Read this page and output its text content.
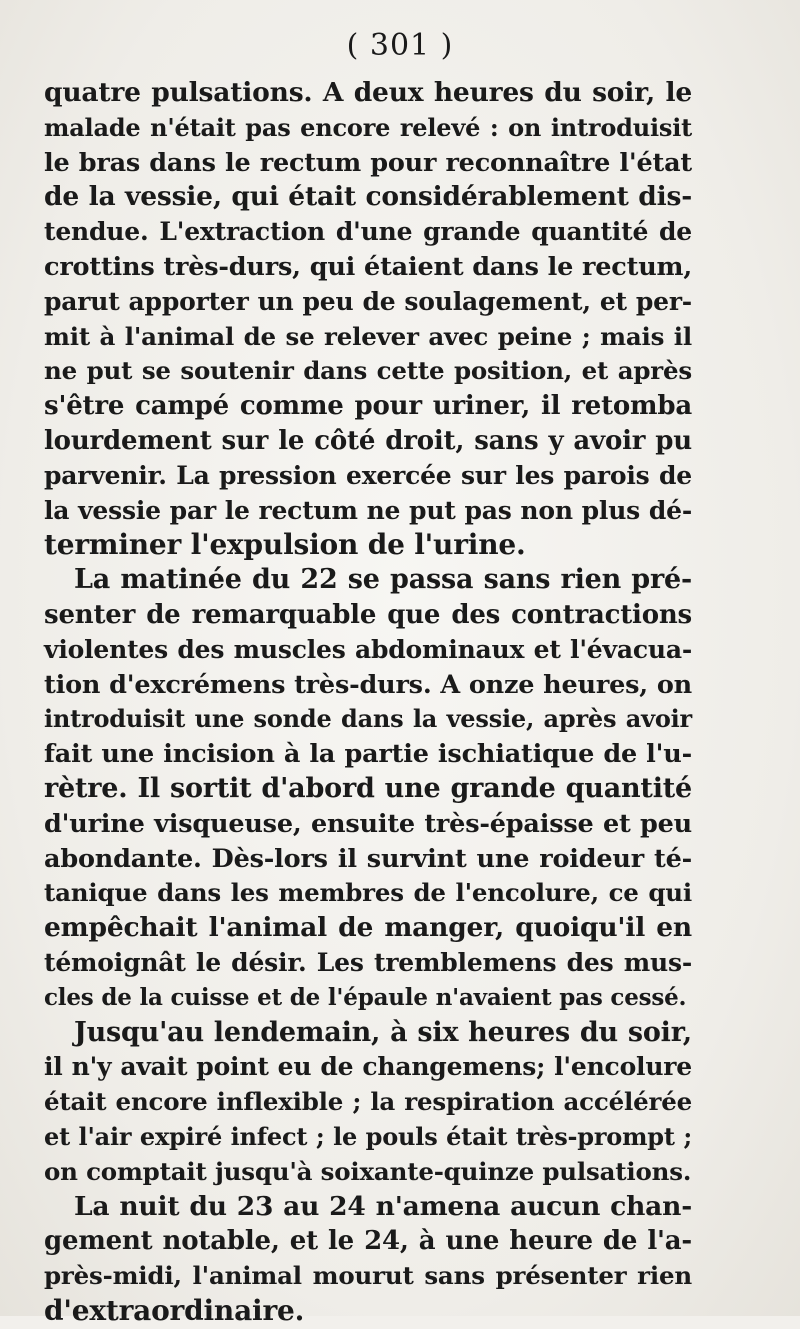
( 301 )
quatre pulsations. A deux heures du soir, le
malade n'était pas encore relevé : on introduisit
le bras dans le rectum pour reconnaître l'état
de la vessie, qui était considérablement dis-
tendue. L'extraction d'une grande quantité de
crottins très-durs, qui étaient dans le rectum,
parut apporter un peu de soulagement, et per-
mit à l'animal de se relever avec peine ; mais il
ne put se soutenir dans cette position, et après
s'être campé comme pour uriner, il retomba
lourdement sur le côté droit, sans y avoir pu
parvenir. La pression exercée sur les parois de
la vessie par le rectum ne put pas non plus dé-
terminer l'expulsion de l'urine.
La matinée du 22 se passa sans rien pré-
senter de remarquable que des contractions
violentes des muscles abdominaux et l'évacua-
tion d'excrémens très-durs. A onze heures, on
introduisit une sonde dans la vessie, après avoir
fait une incision à la partie ischiatique de l'u-
rètre. Il sortit d'abord une grande quantité
d'urine visqueuse, ensuite très-épaisse et peu
abondante. Dès-lors il survint une roideur té-
tanique dans les membres de l'encolure, ce qui
empêchait l'animal de manger, quoiqu'il en
témoignât le désir. Les tremblemens des mus-
cles de la cuisse et de l'épaule n'avaient pas cessé.
Jusqu'au lendemain, à six heures du soir,
il n'y avait point eu de changemens; l'encolure
était encore inflexible ; la respiration accélérée
et l'air expiré infect ; le pouls était très-prompt ;
on comptait jusqu'à soixante-quinze pulsations.
La nuit du 23 au 24 n'amena aucun chan-
gement notable, et le 24, à une heure de l'a-
près-midi, l'animal mourut sans présenter rien
d'extraordinaire.
